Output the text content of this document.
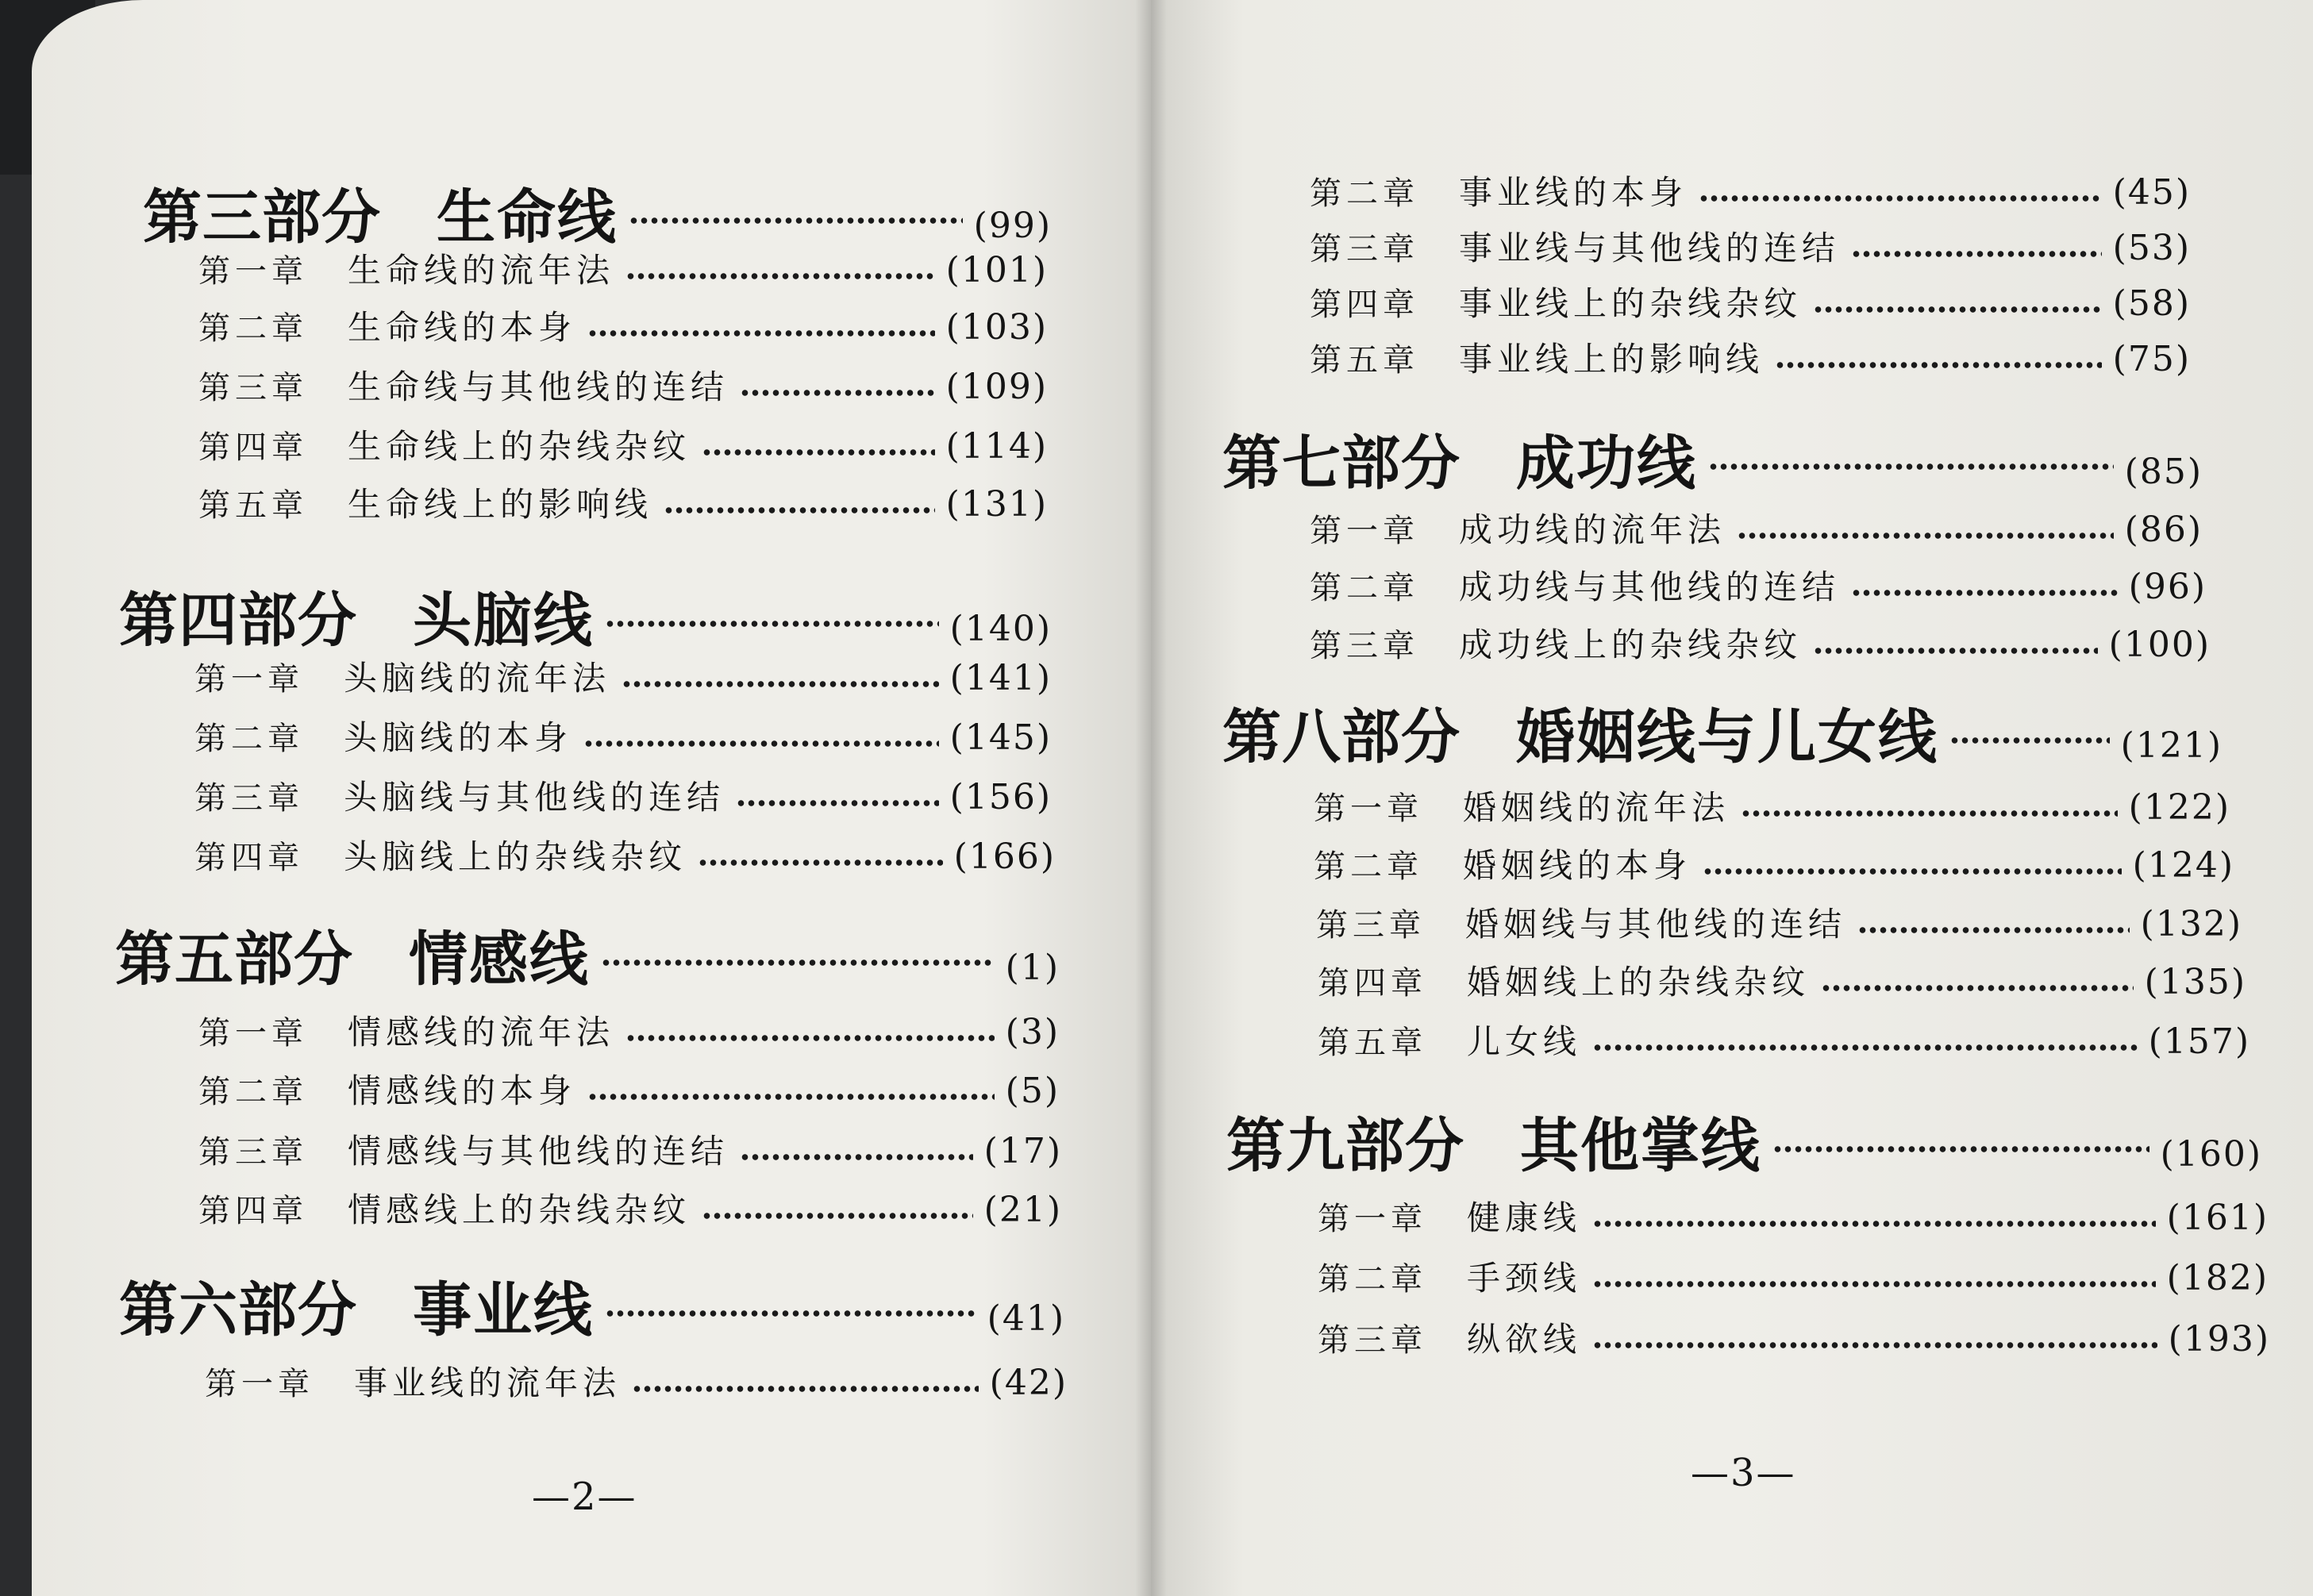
第三部分 生命线	(99)
第一章 生命线的流年法	(101)
第二章 生命线的本身	(103)
第三章 生命线与其他线的连结	(109)
第四章 生命线上的杂线杂纹	(114)
第五章 生命线上的影响线	(131)
第四部分 头脑线	(140)
第一章 头脑线的流年法	(141)
第二章 头脑线的本身	(145)
第三章 头脑线与其他线的连结	(156)
第四章 头脑线上的杂线杂纹	(166)
第五部分 情感线	(1)
第一章 情感线的流年法	(3)
第二章 情感线的本身	(5)
第三章 情感线与其他线的连结	(17)
第四章 情感线上的杂线杂纹	(21)
第六部分 事业线	(41)
第一章 事业线的流年法	(42)
第二章 事业线的本身	(45)
第三章 事业线与其他线的连结	(53)
第四章 事业线上的杂线杂纹	(58)
第五章 事业线上的影响线	(75)
第七部分 成功线	(85)
第一章 成功线的流年法	(86)
第二章 成功线与其他线的连结	(96)
第三章 成功线上的杂线杂纹	(100)
第八部分 婚姻线与儿女线	(121)
第一章 婚姻线的流年法	(122)
第二章 婚姻线的本身	(124)
第三章 婚姻线与其他线的连结	(132)
第四章 婚姻线上的杂线杂纹	(135)
第五章 儿女线	(157)
第九部分 其他掌线	(160)
第一章 健康线	(161)
第二章 手颈线	(182)
第三章 纵欲线	(193)
—2—
—3—
